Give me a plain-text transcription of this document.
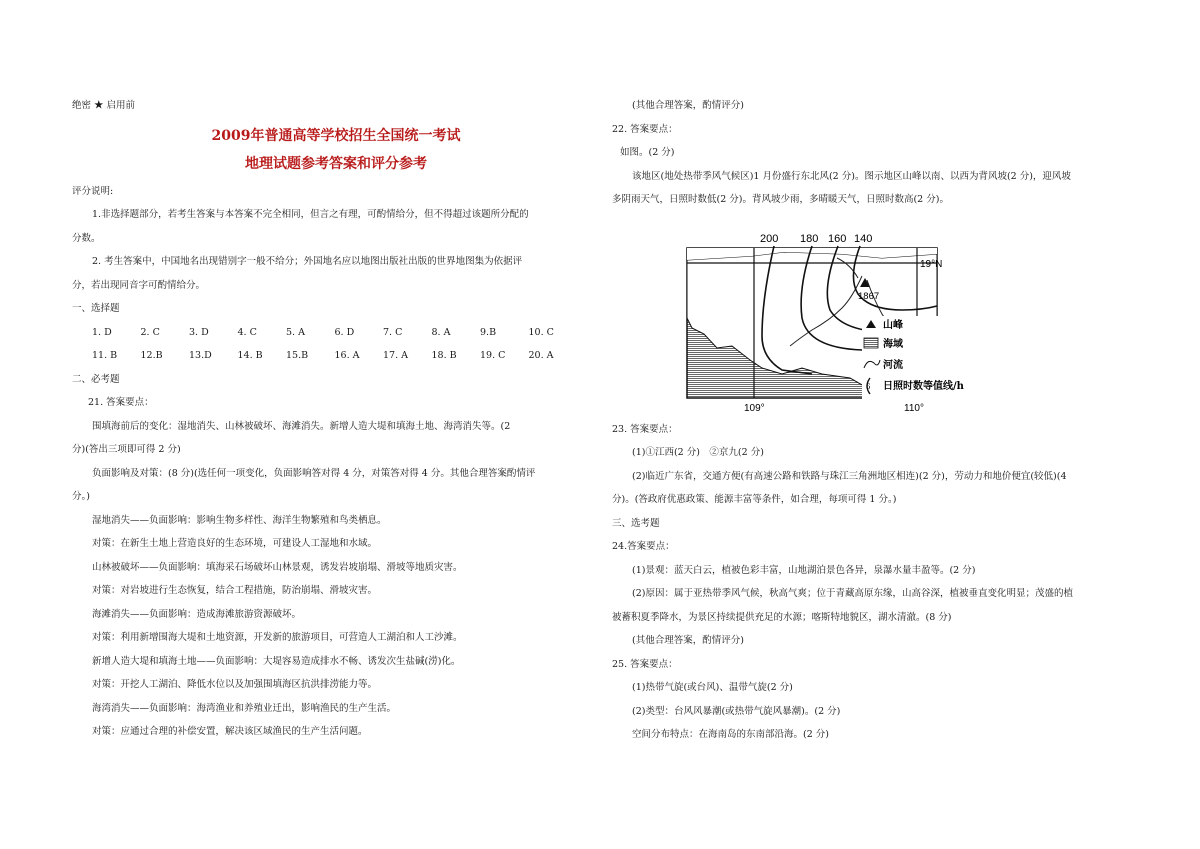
绝密 ★ 启用前
2009年普通高等学校招生全国统一考试
地理试题参考答案和评分参考
评分说明:
1.非选择题部分，若考生答案与本答案不完全相同，但言之有理，可酌情给分，但不得超过该题所分配的
分数。
2. 考生答案中，中国地名出现错别字一般不给分；外国地名应以地图出版社出版的世界地图集为依据评
分，若出现同音字可酌情给分。
一、选择题
1. D	2. C	3. D	4. C	5. A	6. D	7. C	8. A	9.B	10. C
11. B	12.B	13.D	14. B	15.B	16. A	17. A	18. B	19. C	20. A
二、必考题
21. 答案要点：
围填海前后的变化：湿地消失、山林被破坏、海滩消失。新增人造大堤和填海土地、海湾消失等。(2
分)(答出三项即可得 2 分)
负面影响及对策：(8 分)(选任何一项变化，负面影响答对得 4 分，对策答对得 4 分。其他合理答案酌情评
分。)
湿地消失——负面影响：影响生物多样性、海洋生物繁殖和鸟类栖息。
对策：在新生土地上营造良好的生态环境，可建设人工湿地和水域。
山林被破坏——负面影响：填海采石场破坏山林景观，诱发岩坡崩塌、滑坡等地质灾害。
对策：对岩坡进行生态恢复，结合工程措施，防治崩塌、滑坡灾害。
海滩消失——负面影响：造成海滩旅游资源破坏。
对策：利用新增围海大堤和土地资源，开发新的旅游项目，可营造人工湖泊和人工沙滩。
新增人造大堤和填海土地——负面影响：大堤容易造成排水不畅、诱发次生盐碱(涝)化。
对策：开挖人工湖泊、降低水位以及加强围填海区抗洪排涝能力等。
海湾消失——负面影响：海湾渔业和养殖业迁出，影响渔民的生产生活。
对策：应通过合理的补偿安置，解决该区域渔民的生产生活问题。
(其他合理答案，酌情评分)
22. 答案要点：
如图。(2 分)
该地区(地处热带季风气候区)1 月份盛行东北风(2 分)。图示地区山峰以南、以西为背风坡(2 分)，迎风坡
多阴雨天气，日照时数低(2 分)。背风坡少雨，多晴暖天气，日照时数高(2 分)。
1867
200 180 160 140
19°N
109°	110°
山峰
海域
河流
6 日照时数等值线/h
23. 答案要点：
(1)①江西(2 分)　②京九(2 分)
(2)临近广东省，交通方便(有高速公路和铁路与珠江三角洲地区相连)(2 分)，劳动力和地价便宜(较低)(4
分)。(答政府优惠政策、能源丰富等条件，如合理，每项可得 1 分。)
三、选考题
24.答案要点：
(1)景观：蓝天白云，植被色彩丰富，山地湖泊景色各异，泉瀑水量丰盈等。(2 分)
(2)原因：属于亚热带季风气候，秋高气爽；位于青藏高原东缘，山高谷深，植被垂直变化明显；茂盛的植
被蓄积夏季降水，为景区持续提供充足的水源；喀斯特地貌区，湖水清澈。(8 分)
(其他合理答案，酌情评分)
25. 答案要点：
(1)热带气旋(或台风)、温带气旋(2 分)
(2)类型：台风风暴潮(或热带气旋风暴潮)。(2 分)
空间分布特点：在海南岛的东南部沿海。(2 分)
